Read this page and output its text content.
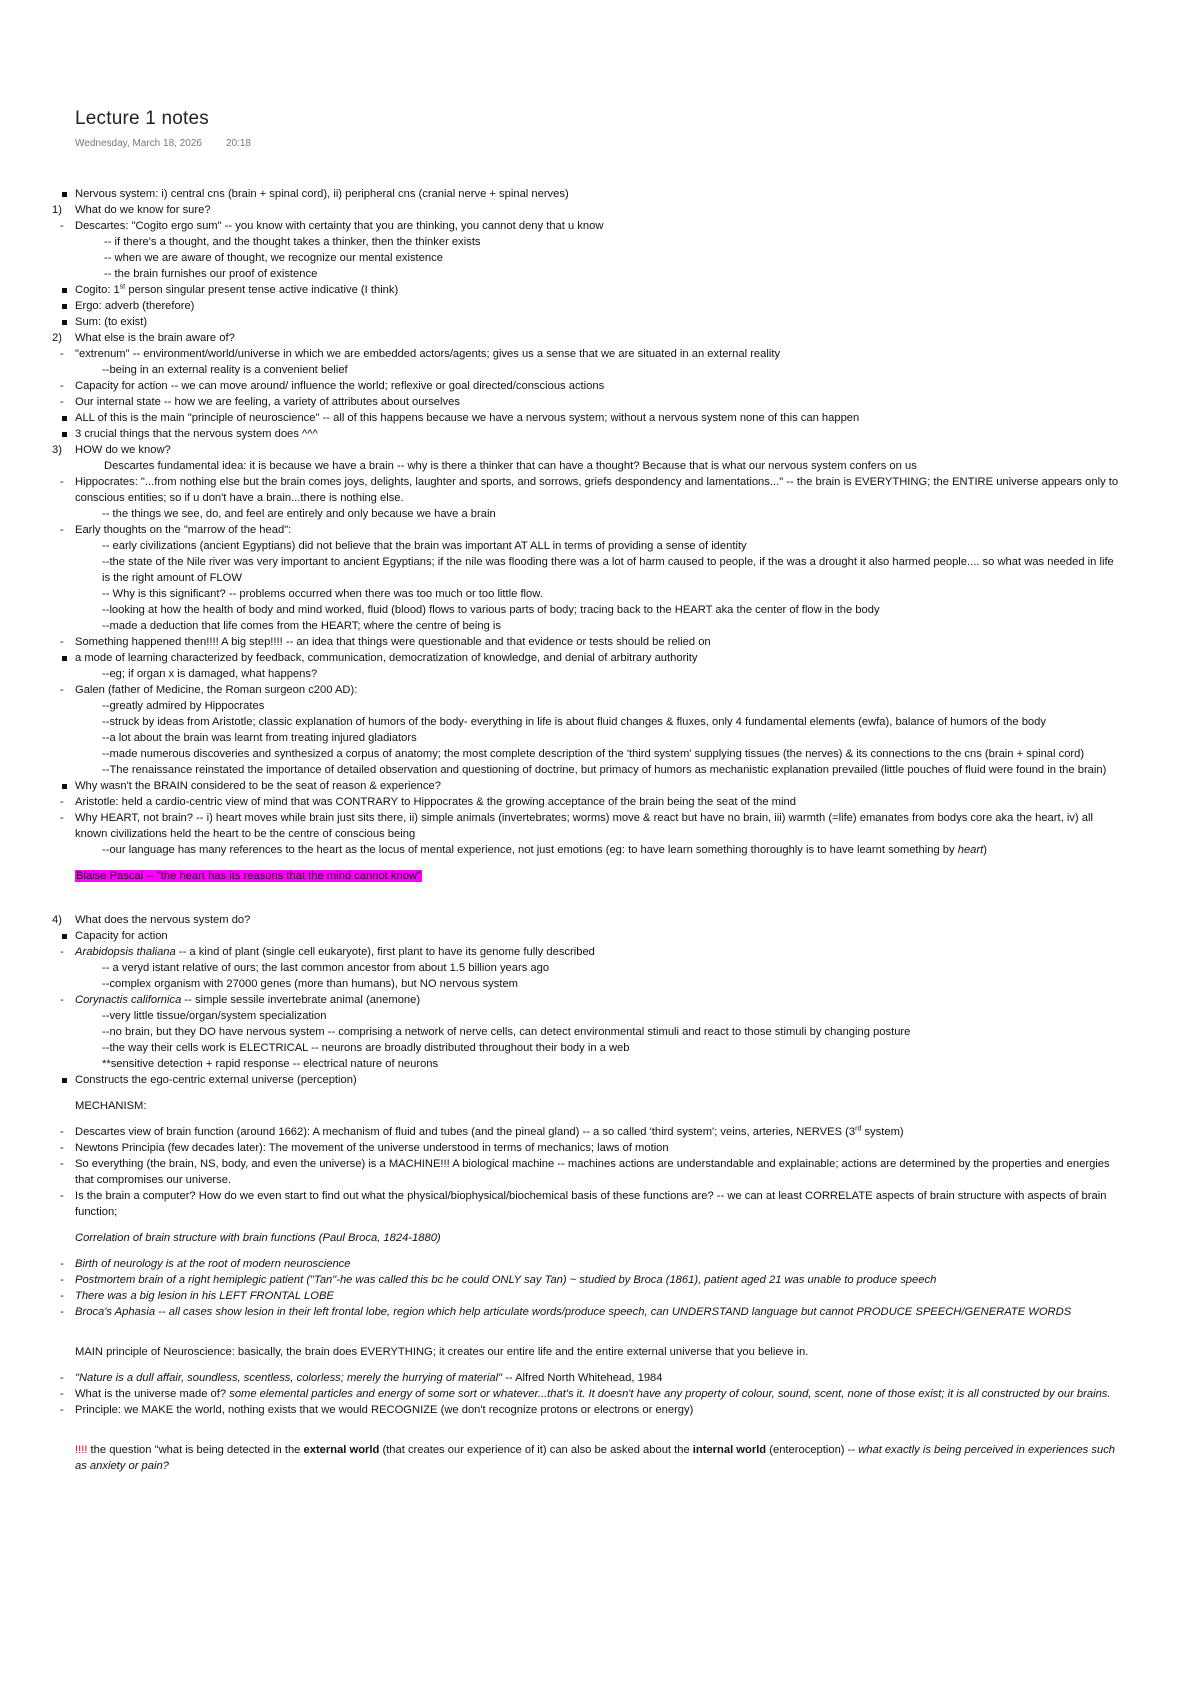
Lecture 1 notes
Wednesday, March 18, 2026 20:18
Nervous system: i) central cns (brain + spinal cord), ii) peripheral cns (cranial nerve + spinal nerves)
1)	What do we know for sure?
-	Descartes: "Cogito ergo sum" -- you know with certainty that you are thinking, you cannot deny that u know
-- if there's a thought, and the thought takes a thinker, then the thinker exists
-- when we are aware of thought, we recognize our mental existence
-- the brain furnishes our proof of existence
Cogito: 1st person singular present tense active indicative (I think)
Ergo: adverb (therefore)
Sum: (to exist)
2)	What else is the brain aware of?
-	"extrenum" -- environment/world/universe in which we are embedded actors/agents; gives us a sense that we are situated in an external reality
--being in an external reality is a convenient belief
-	Capacity for action -- we can move around/ influence the world; reflexive or goal directed/conscious actions
-	Our internal state -- how we are feeling, a variety of attributes about ourselves
ALL of this is the main "principle of neuroscience" -- all of this happens because we have a nervous system; without a nervous system none of this can happen
3 crucial things that the nervous system does ^^^
3)	HOW do we know?
Descartes fundamental idea: it is because we have a brain -- why is there a thinker that can have a thought? Because that is what our nervous system confers on us
-	Hippocrates: "...from nothing else but the brain comes joys, delights, laughter and sports, and sorrows, griefs despondency and lamentations..." -- the brain is EVERYTHING; the ENTIRE universe appears only to conscious entities; so if u don't have a brain...there is nothing else.
-- the things we see, do, and feel are entirely and only because we have a brain
-	Early thoughts on the "marrow of the head":
-- early civilizations (ancient Egyptians) did not believe that the brain was important AT ALL in terms of providing a sense of identity
--the state of the Nile river was very important to ancient Egyptians; if the nile was flooding there was a lot of harm caused to people, if the was a drought it also harmed people.... so what was needed in life is the right amount of FLOW
-- Why is this significant? -- problems occurred when there was too much or too little flow.
--looking at how the health of body and mind worked, fluid (blood) flows to various parts of body; tracing back to the HEART aka the center of flow in the body
--made a deduction that life comes from the HEART; where the centre of being is
-	Something happened then!!!! A big step!!!! -- an idea that things were questionable and that evidence or tests should be relied on
a mode of learning characterized by feedback, communication, democratization of knowledge, and denial of arbitrary authority
--eg; if organ x is damaged, what happens?
-	Galen (father of Medicine, the Roman surgeon c200 AD):
--greatly admired by Hippocrates
--struck by ideas from Aristotle; classic explanation of humors of the body- everything in life is about fluid changes & fluxes, only 4 fundamental elements (ewfa), balance of humors of the body
--a lot about the brain was learnt from treating injured gladiators
--made numerous discoveries and synthesized a corpus of anatomy; the most complete description of the 'third system' supplying tissues (the nerves) & its connections to the cns (brain + spinal cord)
--The renaissance reinstated the importance of detailed observation and questioning of doctrine, but primacy of humors as mechanistic explanation prevailed (little pouches of fluid were found in the brain)
Why wasn't the BRAIN considered to be the seat of reason & experience?
-	Aristotle: held a cardio-centric view of mind that was CONTRARY to Hippocrates & the growing acceptance of the brain being the seat of the mind
-	Why HEART, not brain? -- i) heart moves while brain just sits there, ii) simple animals (invertebrates; worms) move & react but have no brain, iii) warmth (=life) emanates from bodys core aka the heart, iv) all known civilizations held the heart to be the centre of conscious being
--our language has many references to the heart as the locus of mental experience, not just emotions (eg: to have learn something thoroughly is to have learnt something by heart)
Blaise Pascal -- "the heart has its reasons that the mind cannot know"
4)	What does the nervous system do?
Capacity for action
-	Arabidopsis thaliana -- a kind of plant (single cell eukaryote), first plant to have its genome fully described
-- a veryd istant relative of ours; the last common ancestor from about 1.5 billion years ago
--complex organism with 27000 genes (more than humans), but NO nervous system
-	Corynactis californica -- simple sessile invertebrate animal (anemone)
--very little tissue/organ/system specialization
--no brain, but they DO have nervous system -- comprising a network of nerve cells, can detect environmental stimuli and react to those stimuli by changing posture
--the way their cells work is ELECTRICAL -- neurons are broadly distributed throughout their body in a web
**sensitive detection + rapid response -- electrical nature of neurons
Constructs the ego-centric external universe (perception)
MECHANISM:
-	Descartes view of brain function (around 1662): A mechanism of fluid and tubes (and the pineal gland) -- a so called 'third system'; veins, arteries, NERVES (3rd system)
-	Newtons Principia (few decades later): The movement of the universe understood in terms of mechanics; laws of motion
-	So everything (the brain, NS, body, and even the universe) is a MACHINE!!! A biological machine -- machines actions are understandable and explainable; actions are determined by the properties and energies that compromises our universe.
-	Is the brain a computer? How do we even start to find out what the physical/biophysical/biochemical basis of these functions are? -- we can at least CORRELATE aspects of brain structure with aspects of brain function;
Correlation of brain structure with brain functions (Paul Broca, 1824-1880)
-	Birth of neurology is at the root of modern neuroscience
-	Postmortem brain of a right hemiplegic patient ("Tan"-he was called this bc he could ONLY say Tan) ~ studied by Broca (1861), patient aged 21 was unable to produce speech
-	There was a big lesion in his LEFT FRONTAL LOBE
-	Broca's Aphasia -- all cases show lesion in their left frontal lobe, region which help articulate words/produce speech, can UNDERSTAND language but cannot PRODUCE SPEECH/GENERATE WORDS
MAIN principle of Neuroscience: basically, the brain does EVERYTHING; it creates our entire life and the entire external universe that you believe in.
-	"Nature is a dull affair, soundless, scentless, colorless; merely the hurrying of material" -- Alfred North Whitehead, 1984
-	What is the universe made of? some elemental particles and energy of some sort or whatever...that's it. It doesn't have any property of colour, sound, scent, none of those exist; it is all constructed by our brains.
-	Principle: we MAKE the world, nothing exists that we would RECOGNIZE (we don't recognize protons or electrons or energy)
!!!! the question "what is being detected in the external world (that creates our experience of it) can also be asked about the internal world (enteroception) -- what exactly is being perceived in experiences such as anxiety or pain?
